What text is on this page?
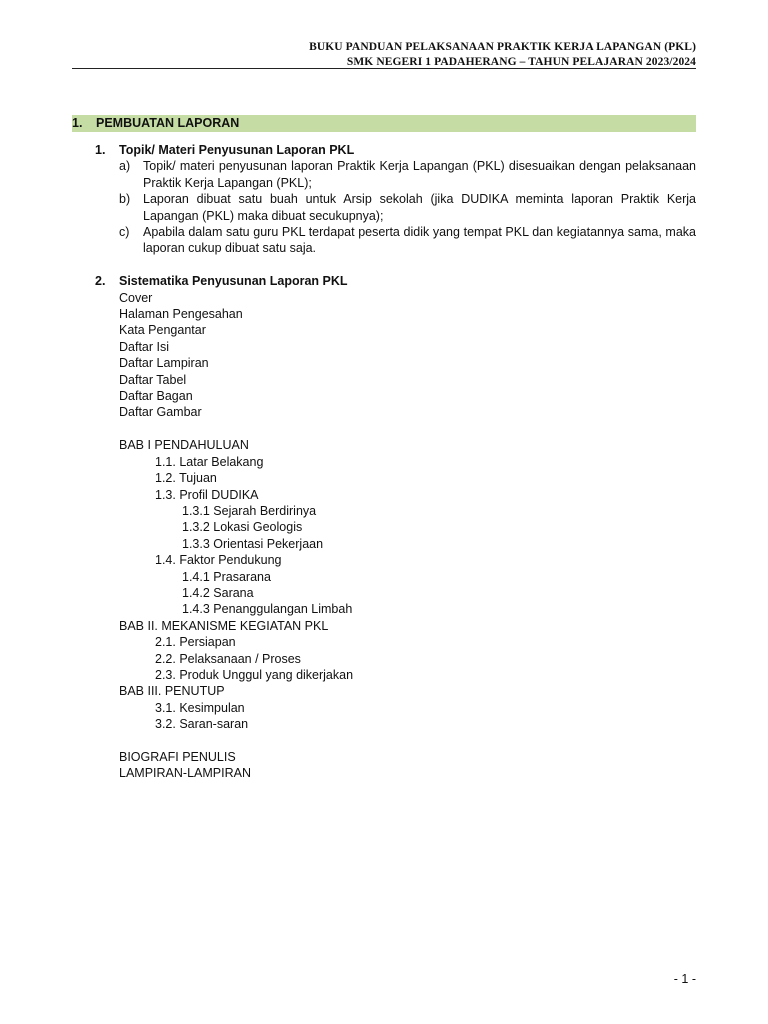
BUKU PANDUAN PELAKSANAAN PRAKTIK KERJA LAPANGAN (PKL)
SMK NEGERI 1 PADAHERANG – TAHUN PELAJARAN 2023/2024
1. PEMBUATAN LAPORAN
1. Topik/ Materi Penyusunan Laporan PKL
a) Topik/ materi penyusunan laporan Praktik Kerja Lapangan (PKL) disesuaikan dengan pelaksanaan Praktik Kerja Lapangan (PKL);
b) Laporan dibuat satu buah untuk Arsip sekolah (jika DUDIKA meminta laporan Praktik Kerja Lapangan (PKL) maka dibuat secukupnya);
c) Apabila dalam satu guru PKL terdapat peserta didik yang tempat PKL dan kegiatannya sama, maka laporan cukup dibuat satu saja.
2. Sistematika Penyusunan Laporan PKL
Cover
Halaman Pengesahan
Kata Pengantar
Daftar Isi
Daftar Lampiran
Daftar Tabel
Daftar Bagan
Daftar Gambar
BAB I PENDAHULUAN
1.1. Latar Belakang
1.2. Tujuan
1.3. Profil DUDIKA
1.3.1 Sejarah Berdirinya
1.3.2 Lokasi Geologis
1.3.3 Orientasi Pekerjaan
1.4. Faktor Pendukung
1.4.1 Prasarana
1.4.2 Sarana
1.4.3 Penanggulangan Limbah
BAB II. MEKANISME KEGIATAN PKL
2.1. Persiapan
2.2. Pelaksanaan / Proses
2.3. Produk Unggul yang dikerjakan
BAB III. PENUTUP
3.1. Kesimpulan
3.2. Saran-saran
BIOGRAFI PENULIS
LAMPIRAN-LAMPIRAN
- 1 -
